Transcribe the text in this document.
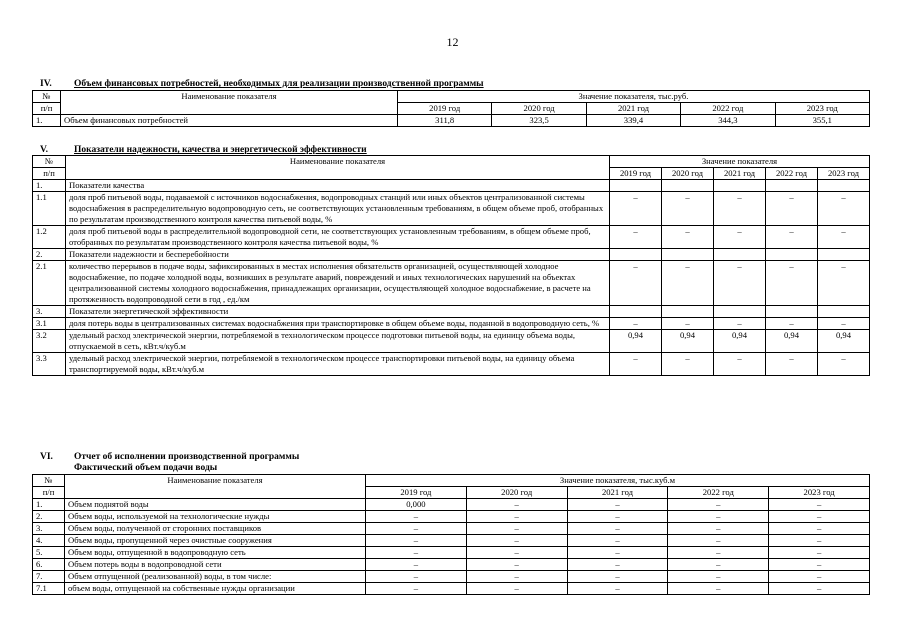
12
IV. Объем финансовых потребностей, необходимых для реализации производственной программы
№	Наименование показателя	Значение показателя, тыс.руб.				
п/п		2019 год	2020 год	2021 год	2022 год	2023 год
1.	Объем финансовых потребностей	311,8	323,5	339,4	344,3	355,1
V.	Показатели надежности, качества и энергетической эффективности
№	Наименование показателя	Значение показателя				
п/п		2019 год	2020 год	2021 год	2022 год	2023 год
1.	Показатели качества					
1.1	доля проб питьевой воды, подаваемой с источников водоснабжения, водопроводных станций или иных объектов централизованной системы водоснабжения в распределительную водопроводную сеть, не соответствующих установленным требованиям, в общем объеме проб, отобранных по результатам производственного контроля качества питьевой воды, %	–	–	–	–	–
1.2	доля проб питьевой воды в распределительной водопроводной сети, не соответствующих установленным требованиям, в общем объеме проб, отобранных по результатам производственного контроля качества питьевой воды, %	–	–	–	–	–
2.	Показатели надежности и бесперебойности					
2.1	количество перерывов в подаче воды, зафиксированных в местах исполнения обязательств организацией, осуществляющей холодное водоснабжение, по подаче холодной воды, возникших в результате аварий, повреждений и иных технологических нарушений на объектах централизованной системы холодного водоснабжения, принадлежащих организации, осуществляющей холодное водоснабжение, в расчете на протяженность водопроводной сети в год , ед./км	–	–	–	–	–
3.	Показатели энергетической эффективности					
3.1	доля потерь воды в централизованных системах водоснабжения при транспортировке в общем объеме воды, поданной в водопроводную сеть, %	–	–	–	–	–
3.2	удельный расход электрической энергии, потребляемой в технологическом процессе подготовки питьевой воды, на единицу объема воды, отпускаемой в сеть, кВт.ч/куб.м	0,94	0,94	0,94	0,94	0,94
3.3	удельный расход электрической энергии, потребляемой в технологическом процессе транспортировки питьевой воды, на единицу объема транспортируемой воды, кВт.ч/куб.м	–	–	–	–	–
VI. Отчет об исполнении производственной программы
Фактический объем подачи воды
№	Наименование показателя	Значение показателя, тыс.куб.м				
п/п		2019 год	2020 год	2021 год	2022 год	2023 год
1.	Объем поднятой воды	0,000	–	–	–	–
2.	Объем воды, используемой на технологические нужды	–	–	–	–	–
3.	Объем воды, полученной от сторонних поставщиков	–	–	–	–	–
4.	Объем воды, пропущенной через очистные сооружения	–	–	–	–	–
5.	Объем воды, отпущенной в водопроводную сеть	–	–	–	–	–
6.	Объем потерь воды в водопроводной сети	–	–	–	–	–
7.	Объем отпущенной (реализованной) воды, в том числе:	–	–	–	–	–
7.1	объем воды, отпущенной на собственные нужды организации	–	–	–	–	–
